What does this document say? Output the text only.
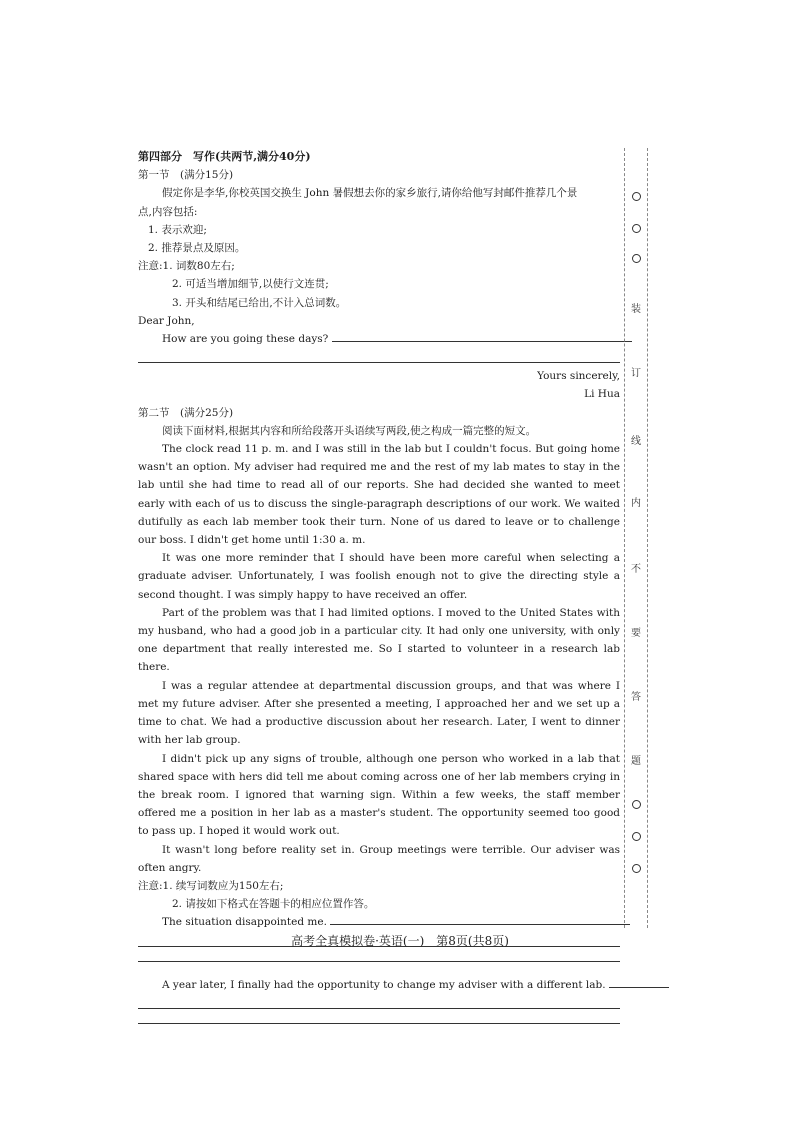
第四部分　写作(共两节,满分40分)
第一节　(满分15分)
假定你是李华,你校英国交换生 John 暑假想去你的家乡旅行,请你给他写封邮件推荐几个景
点,内容包括:
1. 表示欢迎;
2. 推荐景点及原因。
注意:1. 词数80左右;
2. 可适当增加细节,以使行文连贯;
3. 开头和结尾已给出,不计入总词数。
Dear John,
How are you going these days?
Yours sincerely,
Li Hua
第二节　(满分25分)
阅读下面材料,根据其内容和所给段落开头语续写两段,使之构成一篇完整的短文。
The clock read 11 p. m. and I was still in the lab but I couldn't focus. But going home wasn't an option. My adviser had required me and the rest of my lab mates to stay in the lab until she had time to read all of our reports. She had decided she wanted to meet early with each of us to discuss the single-paragraph descriptions of our work. We waited dutifully as each lab member took their turn. None of us dared to leave or to challenge our boss. I didn't get home until 1:30 a. m.
It was one more reminder that I should have been more careful when selecting a graduate adviser. Unfortunately, I was foolish enough not to give the directing style a second thought. I was simply happy to have received an offer.
Part of the problem was that I had limited options. I moved to the United States with my husband, who had a good job in a particular city. It had only one university, with only one department that really interested me. So I started to volunteer in a research lab there.
I was a regular attendee at departmental discussion groups, and that was where I met my future adviser. After she presented a meeting, I approached her and we set up a time to chat. We had a productive discussion about her research. Later, I went to dinner with her lab group.
I didn't pick up any signs of trouble, although one person who worked in a lab that shared space with hers did tell me about coming across one of her lab members crying in the break room. I ignored that warning sign. Within a few weeks, the staff member offered me a position in her lab as a master's student. The opportunity seemed too good to pass up. I hoped it would work out.
It wasn't long before reality set in. Group meetings were terrible. Our adviser was often angry.
注意:1. 续写词数应为150左右;
2. 请按如下格式在答题卡的相应位置作答。
The situation disappointed me.
A year later, I finally had the opportunity to change my adviser with a different lab.
装
订
线
内
不
要
答
题
高考全真模拟卷·英语(一)　第8页(共8页)
